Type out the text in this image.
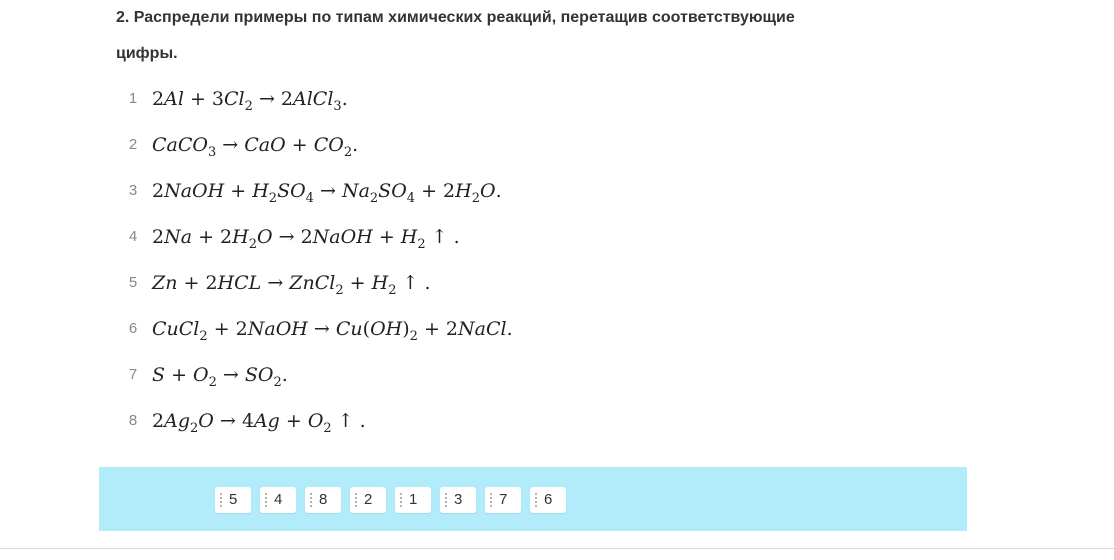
2. Распредели примеры по типам химических реакций, перетащив соответствующие
цифры.
1 $2Al + 3Cl_2$ → 2AlCl$_3$.
2 CaCO$_3$ → CaO + $CO_2$.
3 2NaOH + $H_2SO_4 \to Na_2SO_4 + 2H_2O$.
4 $2Na + 2H_2O$ → 2NaOH + $H_2$ ↑ .
5 Zn + 2HCL → ZnCl$_2$ + $H_2$ ↑ .
6 CuCl$_2$ + 2NaOH → $Cu(OH)_2$ + 2NaCl.
7 $S + O_2 \to SO_2$.
8 $2Ag_2O \to 4Ag + O_2$ ↑ .
5 4 8 2 1 3 7 6
